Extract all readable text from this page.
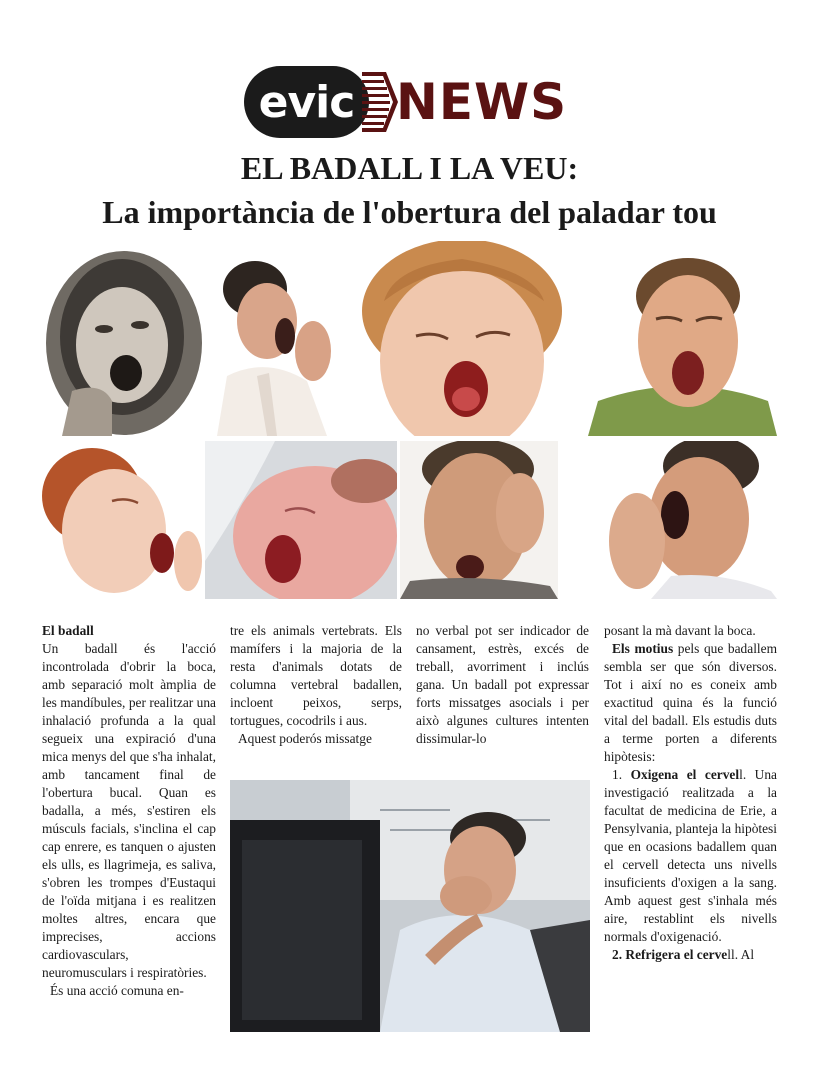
evic NEWS
EL BADALL I LA VEU:
La importància de l'obertura del paladar tou

El badall

Un badall és l'acció incontrolada d'obrir la boca, amb separació molt àmplia de les mandíbules, per realitzar una inhalació profunda a la qual segueix una expiració d'una mica menys del que s'ha inhalat, amb tancament final de l'obertura bucal. Quan es badalla, a més, s'estiren els músculs facials, s'inclina el cap cap enrere, es tanquen o ajusten els ulls, es llagrimeja, es saliva, s'obren les trompes d'Eustaqui de l'oïda mitjana i es realitzen moltes altres, encara que imprecises, accions cardiovasculars, neuromusculars i respiratòries.

És una acció comuna en-

tre els animals vertebrats. Els mamífers i la majoria de la resta d'animals dotats de columna vertebral badallen, incloent peixos, serps, tortugues, cocodrils i aus.

Aquest poderós missatge

no verbal pot ser indicador de cansament, estrès, excés de treball, avorriment i inclús gana. Un badall pot expressar forts missatges asocials i per això algunes cultures intenten dissimular-lo

posant la mà davant la boca.

Els motius pels que badallem sembla ser que són diversos. Tot i així no es coneix amb exactitud quina és la funció vital del badall. Els estudis duts a terme porten a diferents hipòtesis:

1. Oxigena el cervell. Una investigació realitzada a la facultat de medicina de Erie, a Pensylvania, planteja la hipòtesi que en ocasions badallem quan el cervell detecta uns nivells insuficients d'oxigen a la sang. Amb aquest gest s'inhala més aire, restablint els nivells normals d'oxigenació.

2. Refrigera el cervell. Al
